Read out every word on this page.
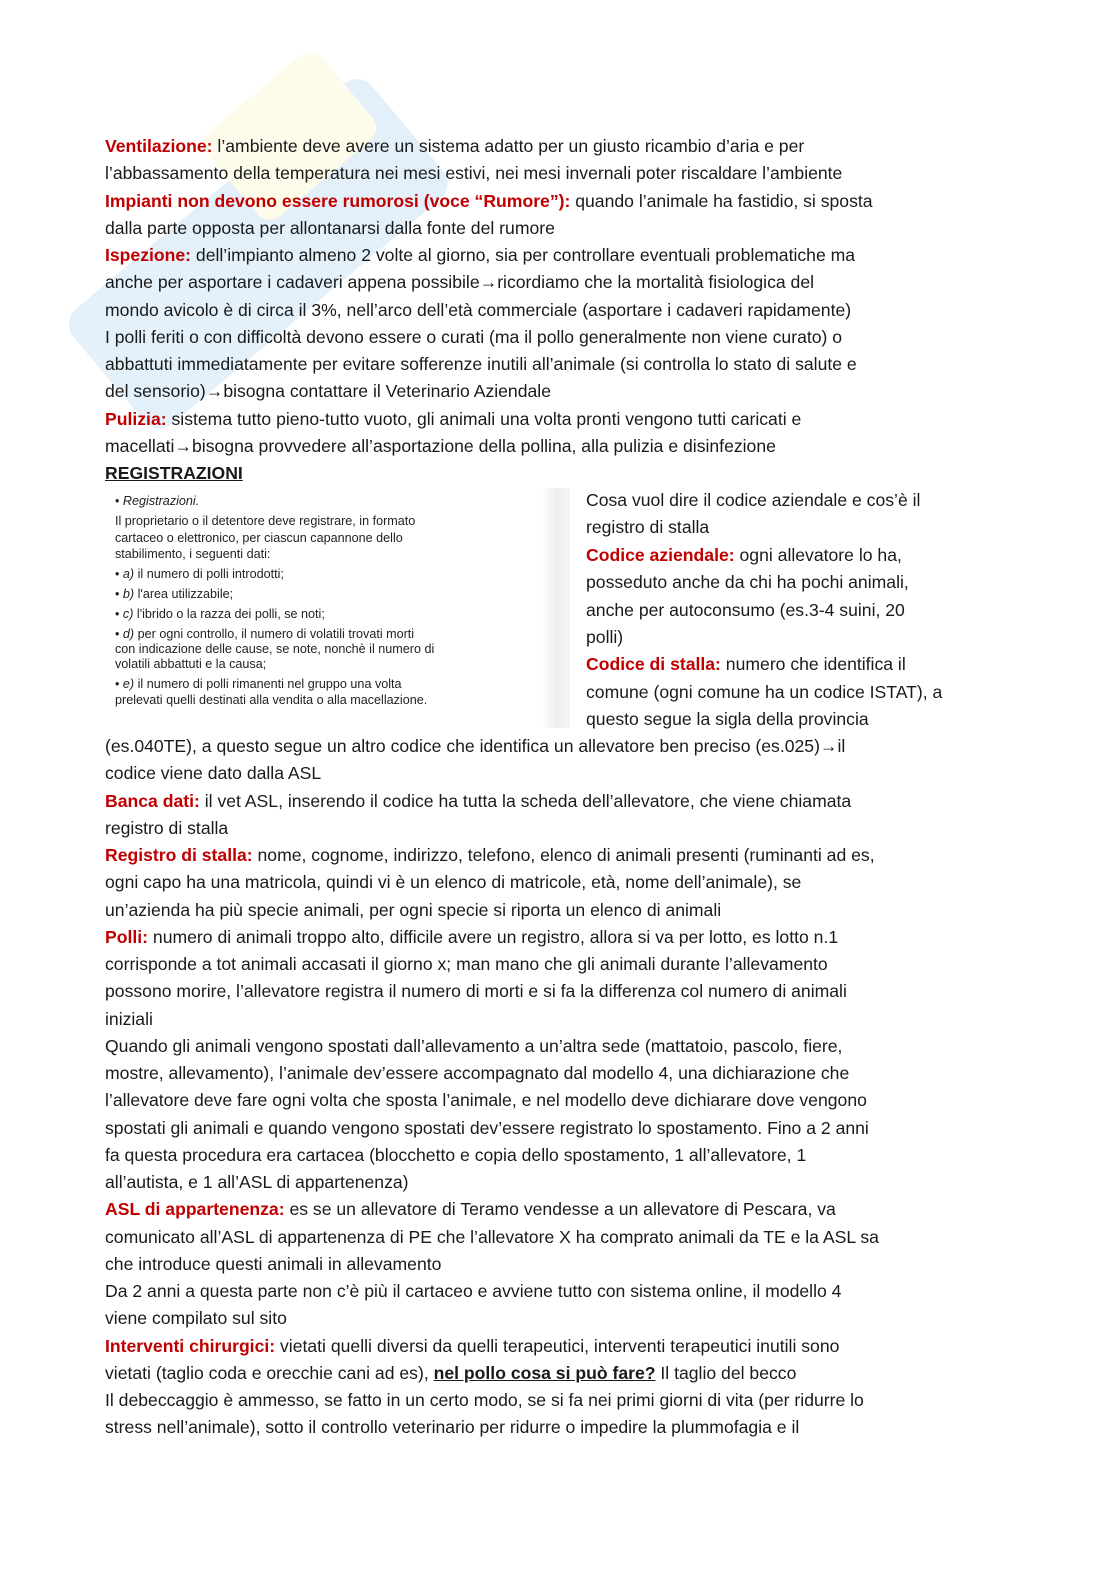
Ventilazione: l’ambiente deve avere un sistema adatto per un giusto ricambio d’aria e per
l’abbassamento della temperatura nei mesi estivi, nei mesi invernali poter riscaldare l’ambiente
Impianti non devono essere rumorosi (voce “Rumore”): quando l’animale ha fastidio, si sposta
dalla parte opposta per allontanarsi dalla fonte del rumore
Ispezione: dell’impianto almeno 2 volte al giorno, sia per controllare eventuali problematiche ma
anche per asportare i cadaveri appena possibile→ricordiamo che la mortalità fisiologica del
mondo avicolo è di circa il 3%, nell’arco dell’età commerciale (asportare i cadaveri rapidamente)
I polli feriti o con difficoltà devono essere o curati (ma il pollo generalmente non viene curato) o
abbattuti immediatamente per evitare sofferenze inutili all’animale (si controlla lo stato di salute e
del sensorio)→bisogna contattare il Veterinario Aziendale
Pulizia: sistema tutto pieno-tutto vuoto, gli animali una volta pronti vengono tutti caricati e
macellati→bisogna provvedere all’asportazione della pollina, alla pulizia e disinfezione
REGISTRAZIONI
Cosa vuol dire il codice aziendale e cos’è il
registro di stalla
Codice aziendale: ogni allevatore lo ha,
posseduto anche da chi ha pochi animali,
anche per autoconsumo (es.3-4 suini, 20
polli)
Codice di stalla: numero che identifica il
comune (ogni comune ha un codice ISTAT), a
questo segue la sigla della provincia
(es.040TE), a questo segue un altro codice che identifica un allevatore ben preciso (es.025)→il
codice viene dato dalla ASL
Banca dati: il vet ASL, inserendo il codice ha tutta la scheda dell’allevatore, che viene chiamata
registro di stalla
Registro di stalla: nome, cognome, indirizzo, telefono, elenco di animali presenti (ruminanti ad es,
ogni capo ha una matricola, quindi vi è un elenco di matricole, età, nome dell’animale), se
un’azienda ha più specie animali, per ogni specie si riporta un elenco di animali
Polli: numero di animali troppo alto, difficile avere un registro, allora si va per lotto, es lotto n.1
corrisponde a tot animali accasati il giorno x; man mano che gli animali durante l’allevamento
possono morire, l’allevatore registra il numero di morti e si fa la differenza col numero di animali
iniziali
Quando gli animali vengono spostati dall’allevamento a un’altra sede (mattatoio, pascolo, fiere,
mostre, allevamento), l’animale dev’essere accompagnato dal modello 4, una dichiarazione che
l’allevatore deve fare ogni volta che sposta l’animale, e nel modello deve dichiarare dove vengono
spostati gli animali e quando vengono spostati dev’essere registrato lo spostamento. Fino a 2 anni
fa questa procedura era cartacea (blocchetto e copia dello spostamento, 1 all’allevatore, 1
all’autista, e 1 all’ASL di appartenenza)
ASL di appartenenza: es se un allevatore di Teramo vendesse a un allevatore di Pescara, va
comunicato all’ASL di appartenenza di PE che l’allevatore X ha comprato animali da TE e la ASL sa
che introduce questi animali in allevamento
Da 2 anni a questa parte non c’è più il cartaceo e avviene tutto con sistema online, il modello 4
viene compilato sul sito
Interventi chirurgici: vietati quelli diversi da quelli terapeutici, interventi terapeutici inutili sono
vietati (taglio coda e orecchie cani ad es), nel pollo cosa si può fare? Il taglio del becco
Il debeccaggio è ammesso, se fatto in un certo modo, se si fa nei primi giorni di vita (per ridurre lo
stress nell’animale), sotto il controllo veterinario per ridurre o impedire la plummofagia e il
• Registrazioni.
Il proprietario o il detentore deve registrare, in formato
cartaceo o elettronico, per ciascun capannone dello
stabilimento, i seguenti dati:
• a) il numero di polli introdotti;
• b) l'area utilizzabile;
• c) l'ibrido o la razza dei polli, se noti;
• d) per ogni controllo, il numero di volatili trovati morti
con indicazione delle cause, se note, nonchè il numero di
volatili abbattuti e la causa;
• e) il numero di polli rimanenti nel gruppo una volta
prelevati quelli destinati alla vendita o alla macellazione.
